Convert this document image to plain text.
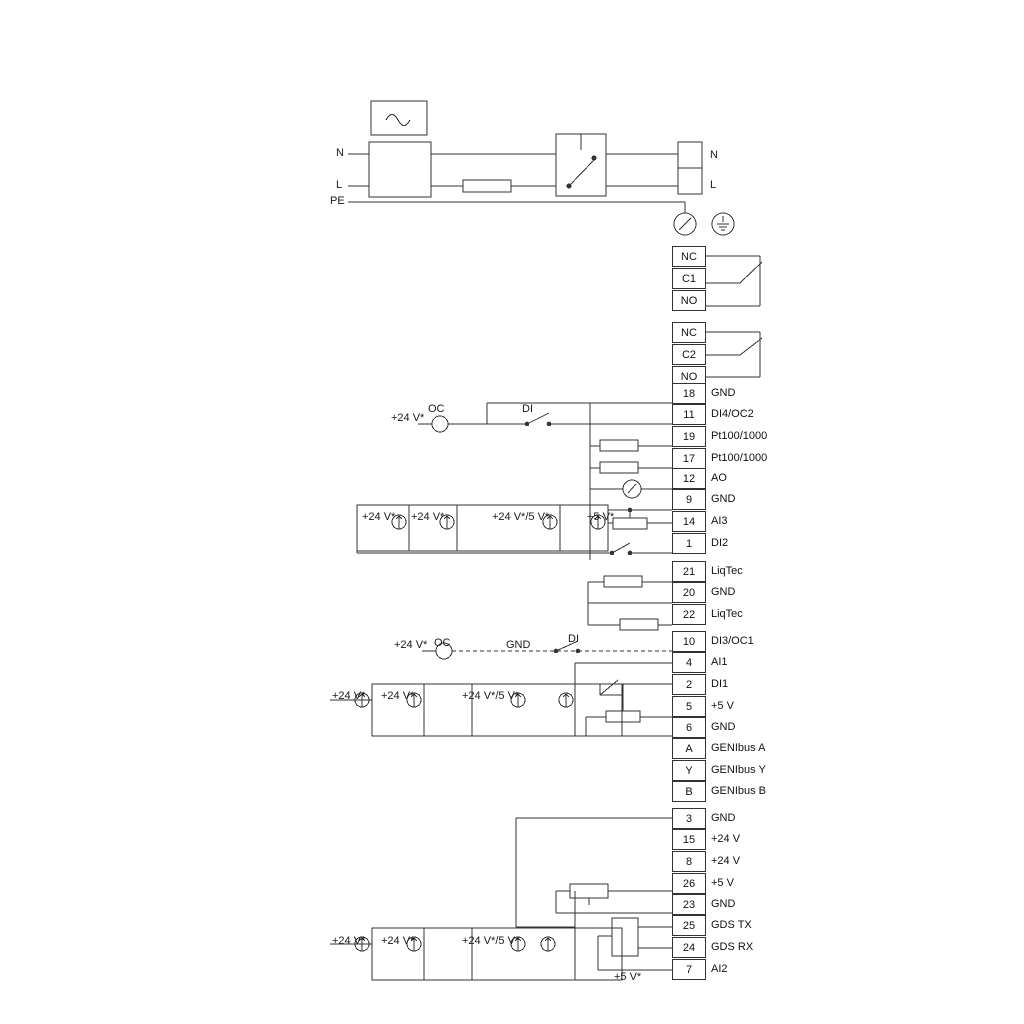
NC
C1
NO
NC
C2
NO
18 GND
11 DI4/OC2
19 Pt100/1000
17 Pt100/1000
12 AO
9 GND
14 AI3
1 DI2
21 LiqTec
20 GND
22 LiqTec
10 DI3/OC1
4 AI1
2 DI1
5 +5 V
6 GND
A GENIbus A
Y GENIbus Y
B GENIbus B
3 GND
15 +24 V
8 +24 V
26 +5 V
23 GND
25 GDS TX
24 GDS RX
7 AI2
+24 V*
OC	DI
+24 V* +24 V*	+24 V*/5 V*	+5 V*
+24 V* OC	GND	DI
+24 V* +24 V*	+24 V*/5 V*
+24 V* +24 V*	+24 V*/5 V*
+5 V*
N
L
PE
N
L
